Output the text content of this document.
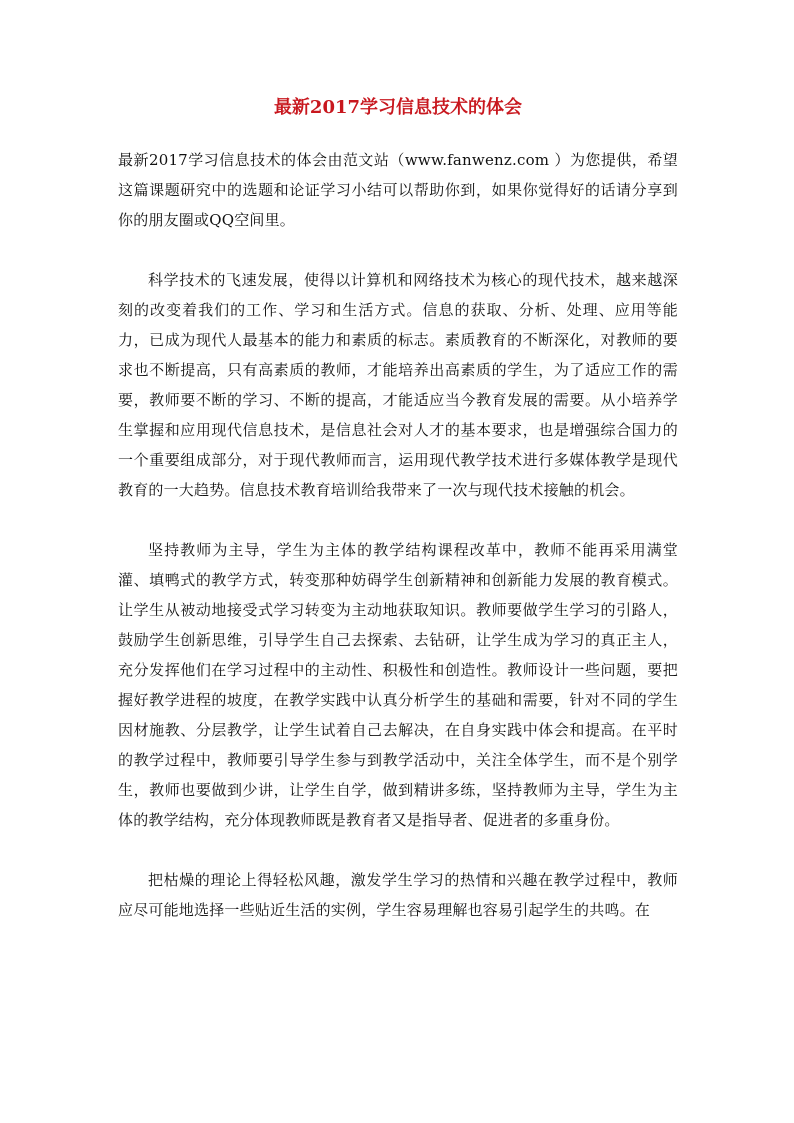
最新2017学习信息技术的体会

最新2017学习信息技术的体会由范文站（www.fanwenz.com ）为您提供，希望这篇课题研究中的选题和论证学习小结可以帮助你到，如果你觉得好的话请分享到你的朋友圈或QQ空间里。

科学技术的飞速发展，使得以计算机和网络技术为核心的现代技术，越来越深刻的改变着我们的工作、学习和生活方式。信息的获取、分析、处理、应用等能力，已成为现代人最基本的能力和素质的标志。素质教育的不断深化，对教师的要求也不断提高，只有高素质的教师，才能培养出高素质的学生，为了适应工作的需要，教师要不断的学习、不断的提高，才能适应当今教育发展的需要。从小培养学生掌握和应用现代信息技术，是信息社会对人才的基本要求，也是增强综合国力的一个重要组成部分，对于现代教师而言，运用现代教学技术进行多媒体教学是现代教育的一大趋势。信息技术教育培训给我带来了一次与现代技术接触的机会。

坚持教师为主导，学生为主体的教学结构课程改革中，教师不能再采用满堂灌、填鸭式的教学方式，转变那种妨碍学生创新精神和创新能力发展的教育模式。让学生从被动地接受式学习转变为主动地获取知识。教师要做学生学习的引路人，鼓励学生创新思维，引导学生自己去探索、去钻研，让学生成为学习的真正主人，充分发挥他们在学习过程中的主动性、积极性和创造性。教师设计一些问题，要把握好教学进程的坡度，在教学实践中认真分析学生的基础和需要，针对不同的学生因材施教、分层教学，让学生试着自己去解决，在自身实践中体会和提高。在平时的教学过程中，教师要引导学生参与到教学活动中，关注全体学生，而不是个别学生，教师也要做到少讲，让学生自学，做到精讲多练，坚持教师为主导，学生为主体的教学结构，充分体现教师既是教育者又是指导者、促进者的多重身份。

把枯燥的理论上得轻松风趣，激发学生学习的热情和兴趣在教学过程中，教师应尽可能地选择一些贴近生活的实例，学生容易理解也容易引起学生的共鸣。在
